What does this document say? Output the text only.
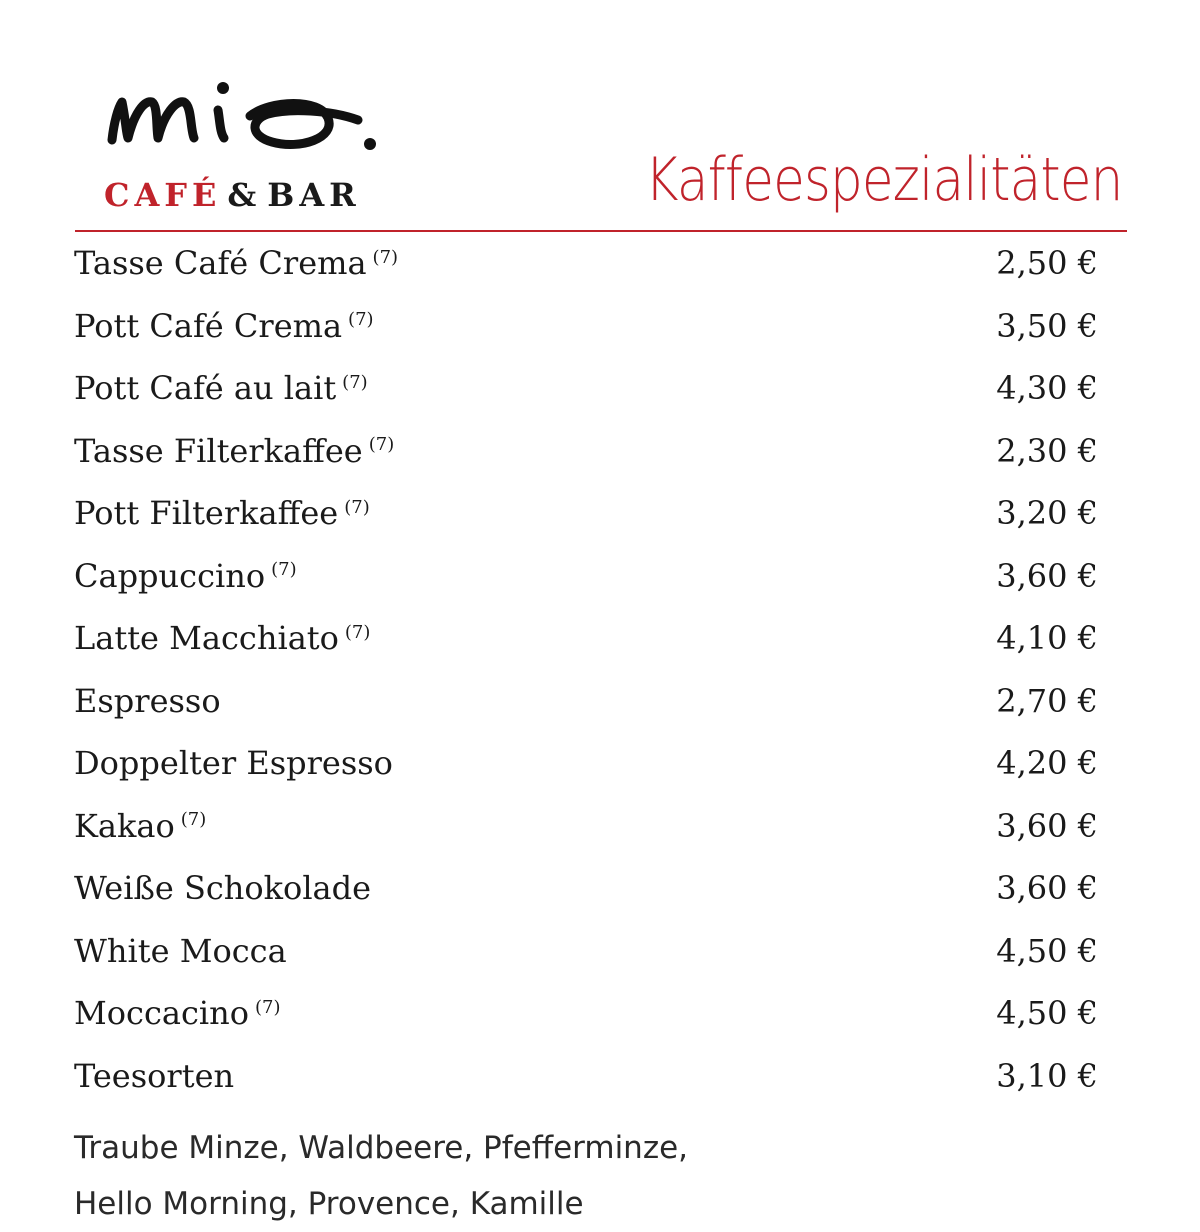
CAFÉ & BAR	Kaffeespezialitäten
Tasse Café Crema $^{(7)}$	2,50 €
Pott Café Crema $^{(7)}$	3,50 €
Pott Café au lait $^{(7)}$	4,30 €
Tasse Filterkaffee $^{(7)}$	2,30 €
Pott Filterkaffee $^{(7)}$	3,20 €
Cappuccino $^{(7)}$	3,60 €
Latte Macchiato $^{(7)}$	4,10 €
Espresso	2,70 €
Doppelter Espresso	4,20 €
Kakao $^{(7)}$	3,60 €
Weiße Schokolade	3,60 €
White Mocca	4,50 €
Moccacino $^{(7)}$	4,50 €
Teesorten	3,10 €
Traube Minze, Waldbeere, Pfefferminze,
Hello Morning, Provence, Kamille
